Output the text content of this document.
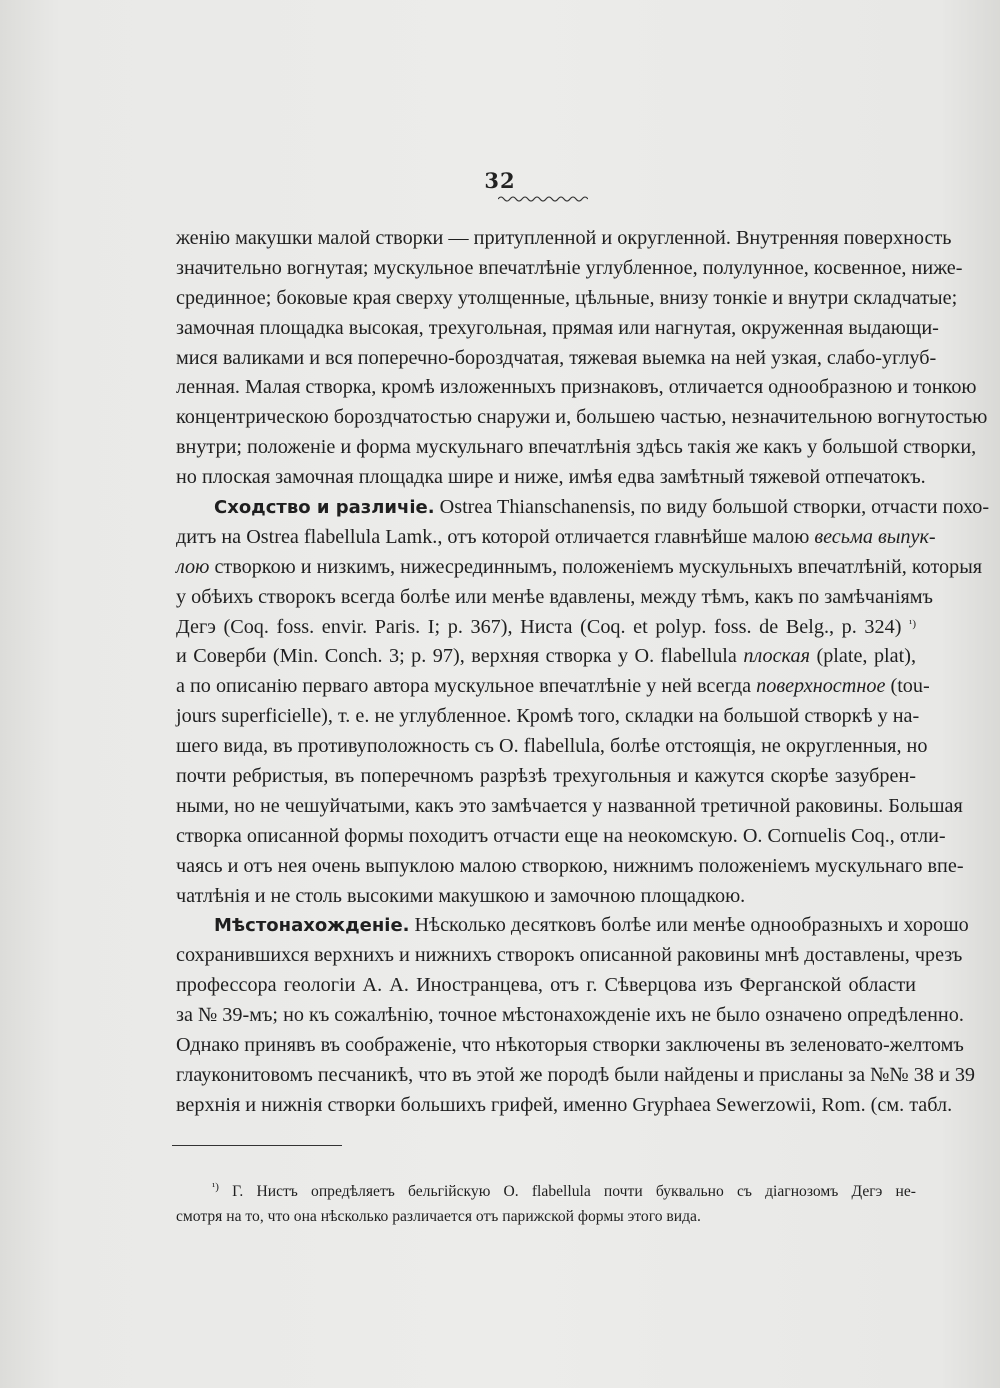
32
женію макушки малой створки — притупленной и округленной. Внутренняя поверхность
значительно вогнутая; мускульное впечатлѣніе углубленное, полулунное, косвенное, ниже-
срединное; боковые края сверху утолщенные, цѣльные, внизу тонкіе и внутри складчатые;
замочная площадка высокая, трехугольная, прямая или нагнутая, окруженная выдающи-
мися валиками и вся поперечно-бороздчатая, тяжевая выемка на ней узкая, слабо-углуб-
ленная. Малая створка, кромѣ изложенныхъ признаковъ, отличается однообразною и тонкою
концентрическою бороздчатостью снаружи и, большею частью, незначительною вогнутостью
внутри; положеніе и форма мускульнаго впечатлѣнія здѣсь такія же какъ у большой створки,
но плоская замочная площадка шире и ниже, имѣя едва замѣтный тяжевой отпечатокъ.
Сходство и различіе. Ostrea Thianschanensis, по виду большой створки, отчасти похо-
дитъ на Ostrea flabellula Lamk., отъ которой отличается главнѣйше малою весьма выпук-
лою створкою и низкимъ, нижесрединнымъ, положеніемъ мускульныхъ впечатлѣній, которыя
у обѣихъ створокъ всегда болѣе или менѣе вдавлены, между тѣмъ, какъ по замѣчаніямъ
Дегэ (Coq. foss. envir. Paris. I; p. 367), Ниста (Coq. et polyp. foss. de Belg., p. 324) $^{^1)}$
и Соверби (Min. Conch. 3; p. 97), верхняя створка у O. flabellula плоская (plate, plat),
а по описанію перваго автора мускульное впечатлѣніе у ней всегда поверхностное (tou-
jours superficielle), т. е. не углубленное. Кромѣ того, складки на большой створкѣ у на-
шего вида, въ противуположность съ O. flabellula, болѣе отстоящія, не округленныя, но
почти ребристыя, въ поперечномъ разрѣзѣ трехугольныя и кажутся скорѣе зазубрен-
ными, но не чешуйчатыми, какъ это замѣчается у названной третичной раковины. Большая
створка описанной формы походитъ отчасти еще на неокомскую. O. Cornuelis Coq., отли-
чаясь и отъ нея очень выпуклою малою створкою, нижнимъ положеніемъ мускульнаго впе-
чатлѣнія и не столь высокими макушкою и замочною площадкою.
Мѣстонахожденіе. Нѣсколько десятковъ болѣе или менѣе однообразныхъ и хорошо
сохранившихся верхнихъ и нижнихъ створокъ описанной раковины мнѣ доставлены, чрезъ
профессора геологіи А. А. Иностранцева, отъ г. Сѣверцова изъ Ферганской области
за № 39-мъ; но къ сожалѣнію, точное мѣстонахожденіе ихъ не было означено опредѣленно.
Однако принявъ въ соображеніе, что нѣкоторыя створки заключены въ зеленовато-желтомъ
глауконитовомъ песчаникѣ, что въ этой же породѣ были найдены и присланы за №№ 38 и 39
верхнія и нижнія створки большихъ грифей, именно Gryphaea Sewerzowii, Rom. (см. табл.
$^{^1)}$ Г. Нистъ опредѣляетъ бельгійскую O. flabellula почти буквально съ діагнозомъ Дегэ не-
смотря на то, что она нѣсколько различается отъ парижской формы этого вида.
